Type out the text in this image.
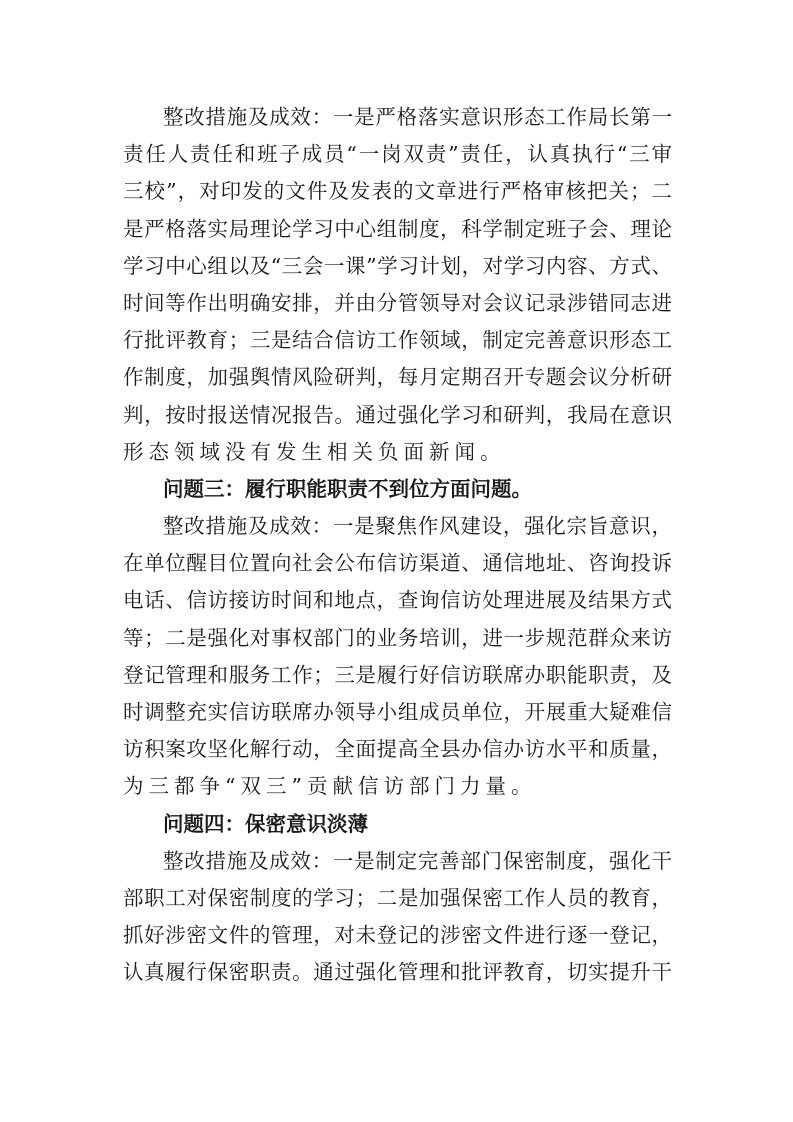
整改措施及成效：一是严格落实意识形态工作局长第一
责任人责任和班子成员“一岗双责”责任，认真执行“三审
三校”，对印发的文件及发表的文章进行严格审核把关；二
是严格落实局理论学习中心组制度，科学制定班子会、理论
学习中心组以及“三会一课”学习计划，对学习内容、方式、
时间等作出明确安排，并由分管领导对会议记录涉错同志进
行批评教育；三是结合信访工作领域，制定完善意识形态工
作制度，加强舆情风险研判，每月定期召开专题会议分析研
判，按时报送情况报告。通过强化学习和研判，我局在意识
形态领域没有发生相关负面新闻。
问题三：履行职能职责不到位方面问题。
整改措施及成效：一是聚焦作风建设，强化宗旨意识，
在单位醒目位置向社会公布信访渠道、通信地址、咨询投诉
电话、信访接访时间和地点，查询信访处理进展及结果方式
等；二是强化对事权部门的业务培训，进一步规范群众来访
登记管理和服务工作；三是履行好信访联席办职能职责，及
时调整充实信访联席办领导小组成员单位，开展重大疑难信
访积案攻坚化解行动，全面提高全县办信办访水平和质量，
为三都争“双三”贡献信访部门力量。
问题四：保密意识淡薄
整改措施及成效：一是制定完善部门保密制度，强化干
部职工对保密制度的学习；二是加强保密工作人员的教育，
抓好涉密文件的管理，对未登记的涉密文件进行逐一登记，
认真履行保密职责。通过强化管理和批评教育，切实提升干
